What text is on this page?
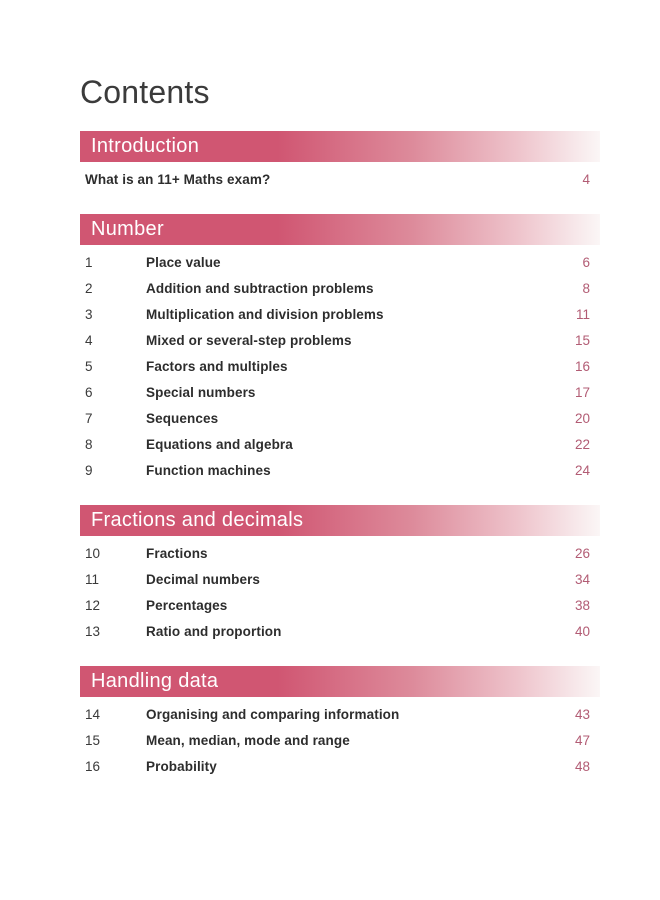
Contents
Introduction
What is an 11+ Maths exam?	4
Number
1	Place value	6
2	Addition and subtraction problems	8
3	Multiplication and division problems	11
4	Mixed or several-step problems	15
5	Factors and multiples	16
6	Special numbers	17
7	Sequences	20
8	Equations and algebra	22
9	Function machines	24
Fractions and decimals
10	Fractions	26
11	Decimal numbers	34
12	Percentages	38
13	Ratio and proportion	40
Handling data
14	Organising and comparing information	43
15	Mean, median, mode and range	47
16	Probability	48
